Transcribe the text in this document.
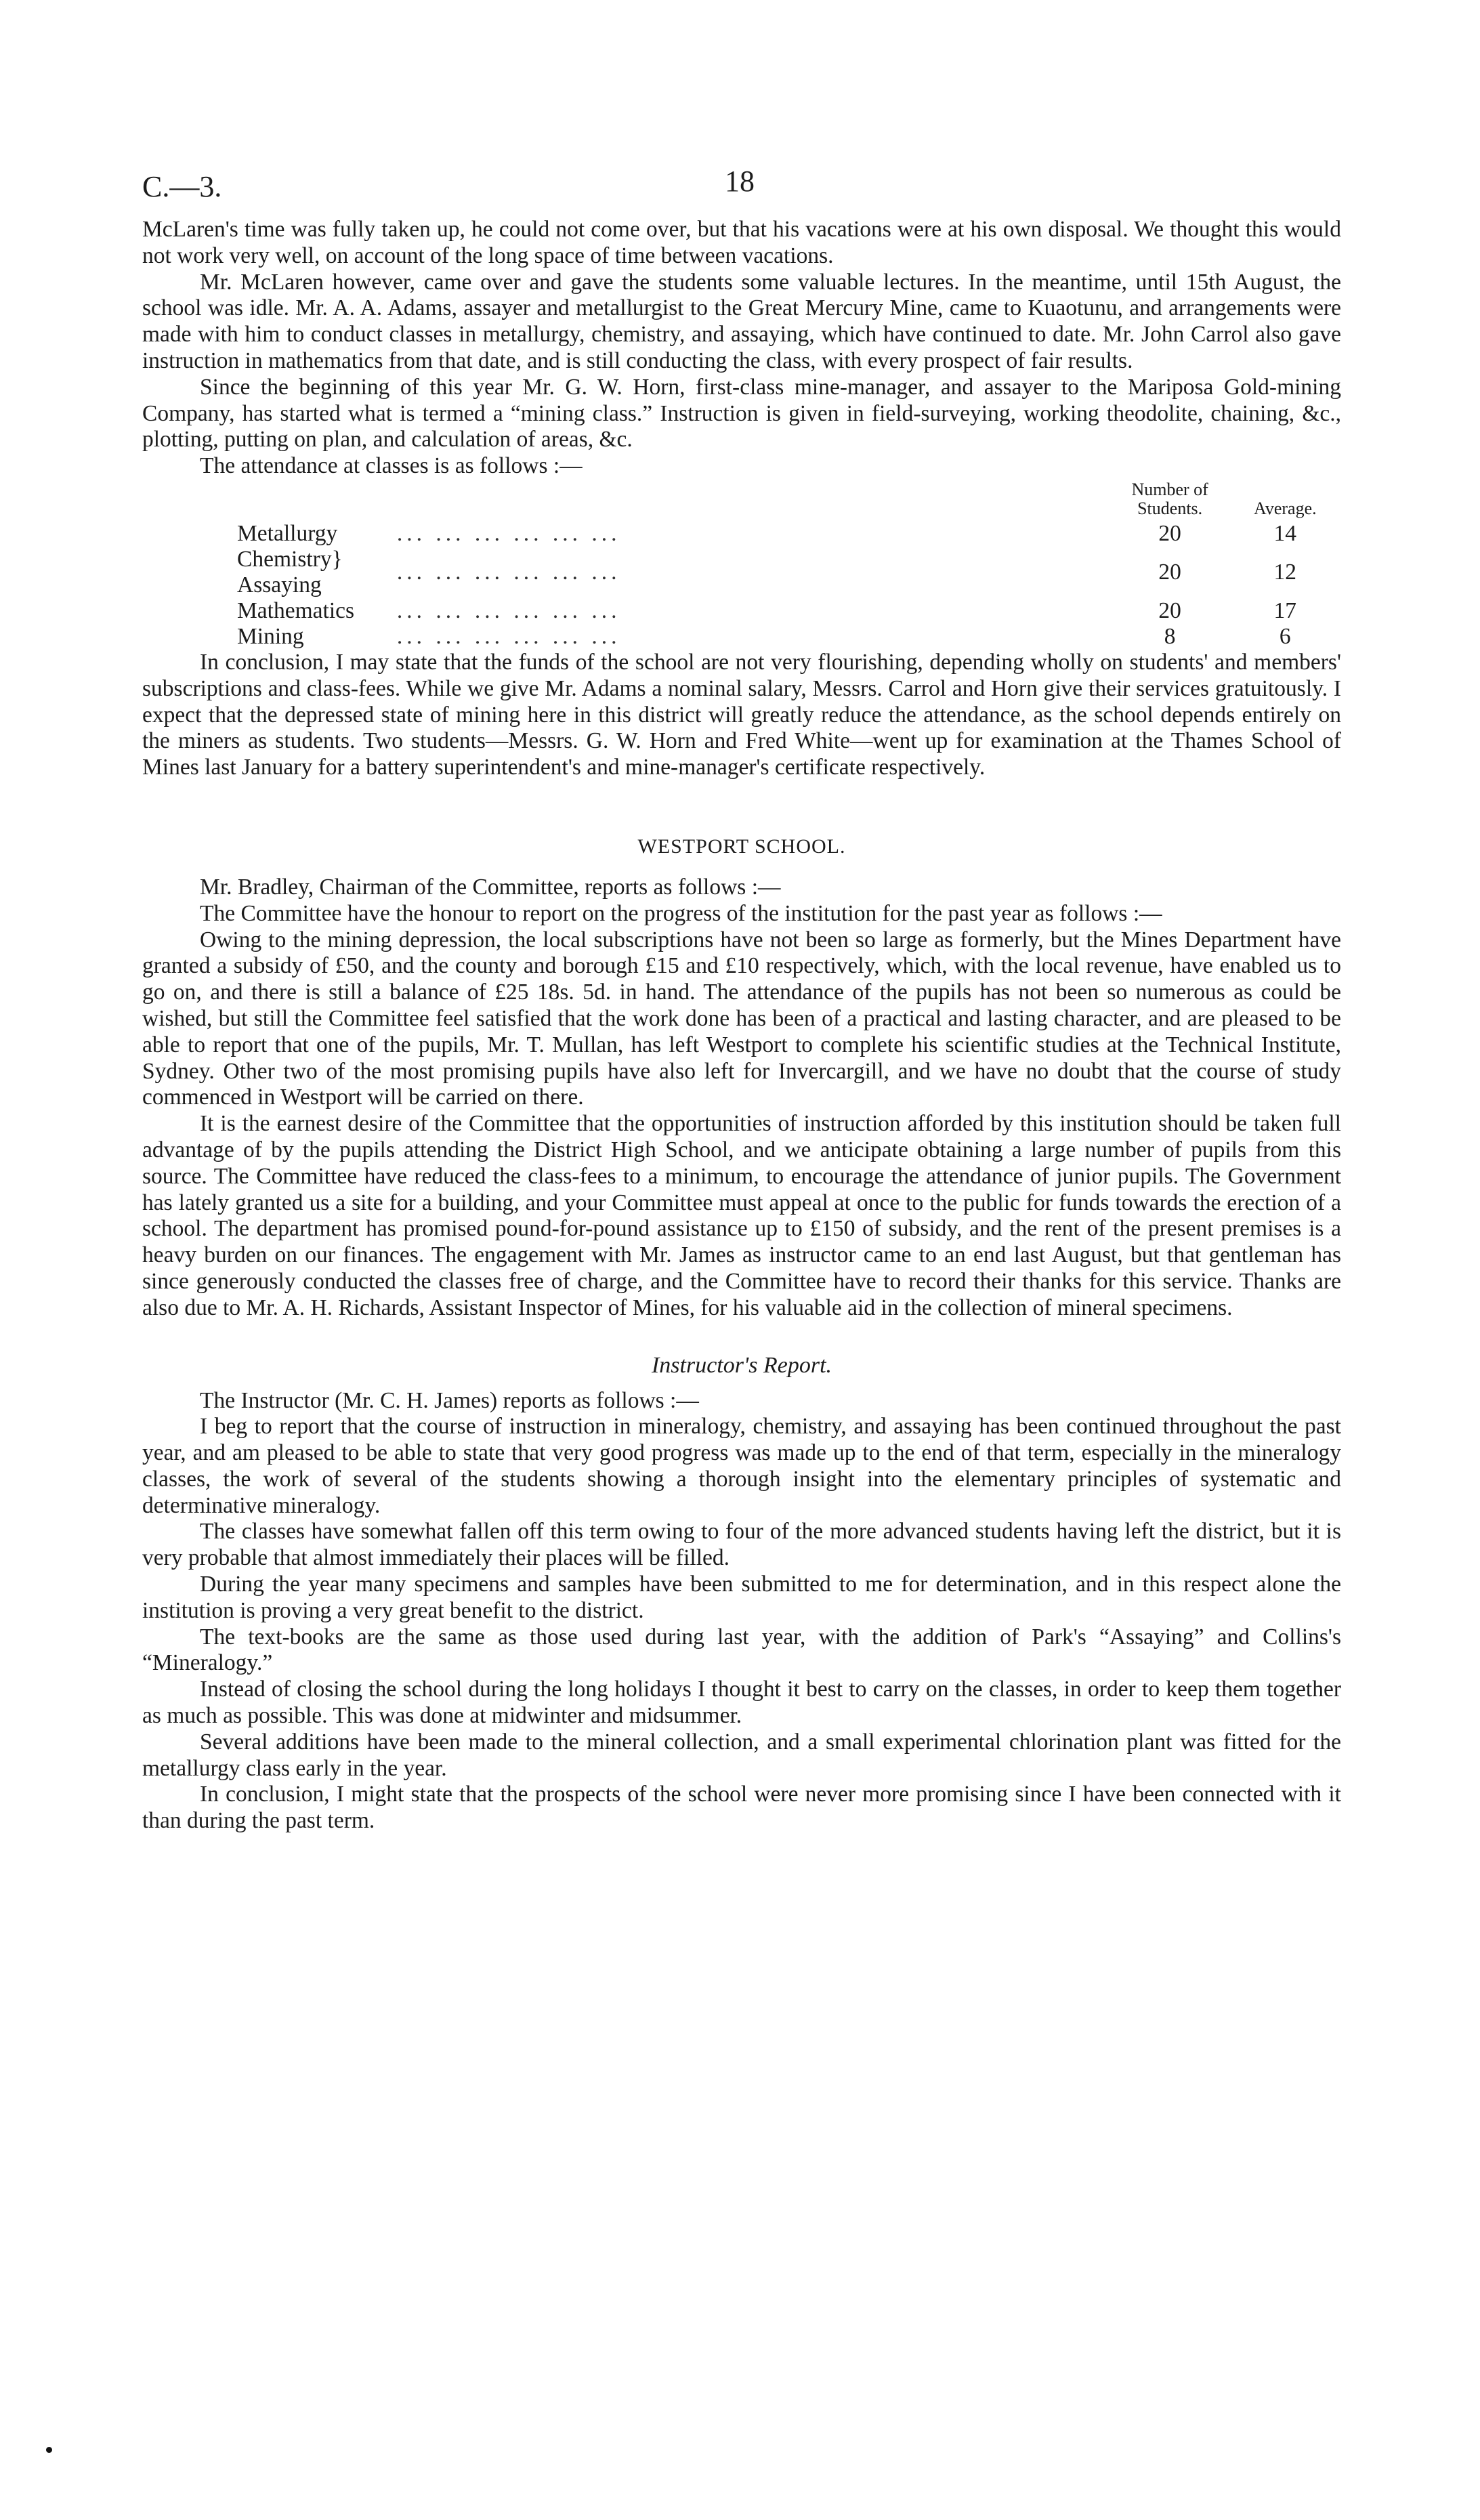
C.—3.	18

McLaren's time was fully taken up, he could not come over, but that his vacations were at his own disposal. We thought this would not work very well, on account of the long space of time between vacations.

Mr. McLaren however, came over and gave the students some valuable lectures. In the meantime, until 15th August, the school was idle. Mr. A. A. Adams, assayer and metallurgist to the Great Mercury Mine, came to Kuaotunu, and arrangements were made with him to conduct classes in metallurgy, chemistry, and assaying, which have continued to date. Mr. John Carrol also gave instruction in mathematics from that date, and is still conducting the class, with every prospect of fair results.

Since the beginning of this year Mr. G. W. Horn, first-class mine-manager, and assayer to the Mariposa Gold-mining Company, has started what is termed a “mining class.” Instruction is given in field-surveying, working theodolite, chaining, &c., plotting, putting on plan, and calculation of areas, &c.

The attendance at classes is as follows :—

		Number of Students.	Average.
Metallurgy	... ... ... ... ... ...	20	14
Chemistry}
Assaying	... ... ... ... ... ...	20	12
Mathematics	... ... ... ... ... ...	20	17
Mining	... ... ... ... ... ...	8	6

In conclusion, I may state that the funds of the school are not very flourishing, depending wholly on students' and members' subscriptions and class-fees. While we give Mr. Adams a nominal salary, Messrs. Carrol and Horn give their services gratuitously. I expect that the depressed state of mining here in this district will greatly reduce the attendance, as the school depends entirely on the miners as students. Two students—Messrs. G. W. Horn and Fred White—went up for examination at the Thames School of Mines last January for a battery superintendent's and mine-manager's certificate respectively.

WESTPORT SCHOOL.

Mr. Bradley, Chairman of the Committee, reports as follows :—

The Committee have the honour to report on the progress of the institution for the past year as follows :—

Owing to the mining depression, the local subscriptions have not been so large as formerly, but the Mines Department have granted a subsidy of £50, and the county and borough £15 and £10 respectively, which, with the local revenue, have enabled us to go on, and there is still a balance of £25 18s. 5d. in hand. The attendance of the pupils has not been so numerous as could be wished, but still the Committee feel satisfied that the work done has been of a practical and lasting character, and are pleased to be able to report that one of the pupils, Mr. T. Mullan, has left Westport to complete his scientific studies at the Technical Institute, Sydney. Other two of the most promising pupils have also left for Invercargill, and we have no doubt that the course of study commenced in Westport will be carried on there.

It is the earnest desire of the Committee that the opportunities of instruction afforded by this institution should be taken full advantage of by the pupils attending the District High School, and we anticipate obtaining a large number of pupils from this source. The Committee have reduced the class-fees to a minimum, to encourage the attendance of junior pupils. The Government has lately granted us a site for a building, and your Committee must appeal at once to the public for funds towards the erection of a school. The department has promised pound-for-pound assistance up to £150 of subsidy, and the rent of the present premises is a heavy burden on our finances. The engagement with Mr. James as instructor came to an end last August, but that gentleman has since generously conducted the classes free of charge, and the Committee have to record their thanks for this service. Thanks are also due to Mr. A. H. Richards, Assistant Inspector of Mines, for his valuable aid in the collection of mineral specimens.

Instructor's Report.

The Instructor (Mr. C. H. James) reports as follows :—

I beg to report that the course of instruction in mineralogy, chemistry, and assaying has been continued throughout the past year, and am pleased to be able to state that very good progress was made up to the end of that term, especially in the mineralogy classes, the work of several of the students showing a thorough insight into the elementary principles of systematic and determinative mineralogy.

The classes have somewhat fallen off this term owing to four of the more advanced students having left the district, but it is very probable that almost immediately their places will be filled.

During the year many specimens and samples have been submitted to me for determination, and in this respect alone the institution is proving a very great benefit to the district.

The text-books are the same as those used during last year, with the addition of Park's “Assaying” and Collins's “Mineralogy.”

Instead of closing the school during the long holidays I thought it best to carry on the classes, in order to keep them together as much as possible. This was done at midwinter and midsummer.

Several additions have been made to the mineral collection, and a small experimental chlorination plant was fitted for the metallurgy class early in the year.

In conclusion, I might state that the prospects of the school were never more promising since I have been connected with it than during the past term.
